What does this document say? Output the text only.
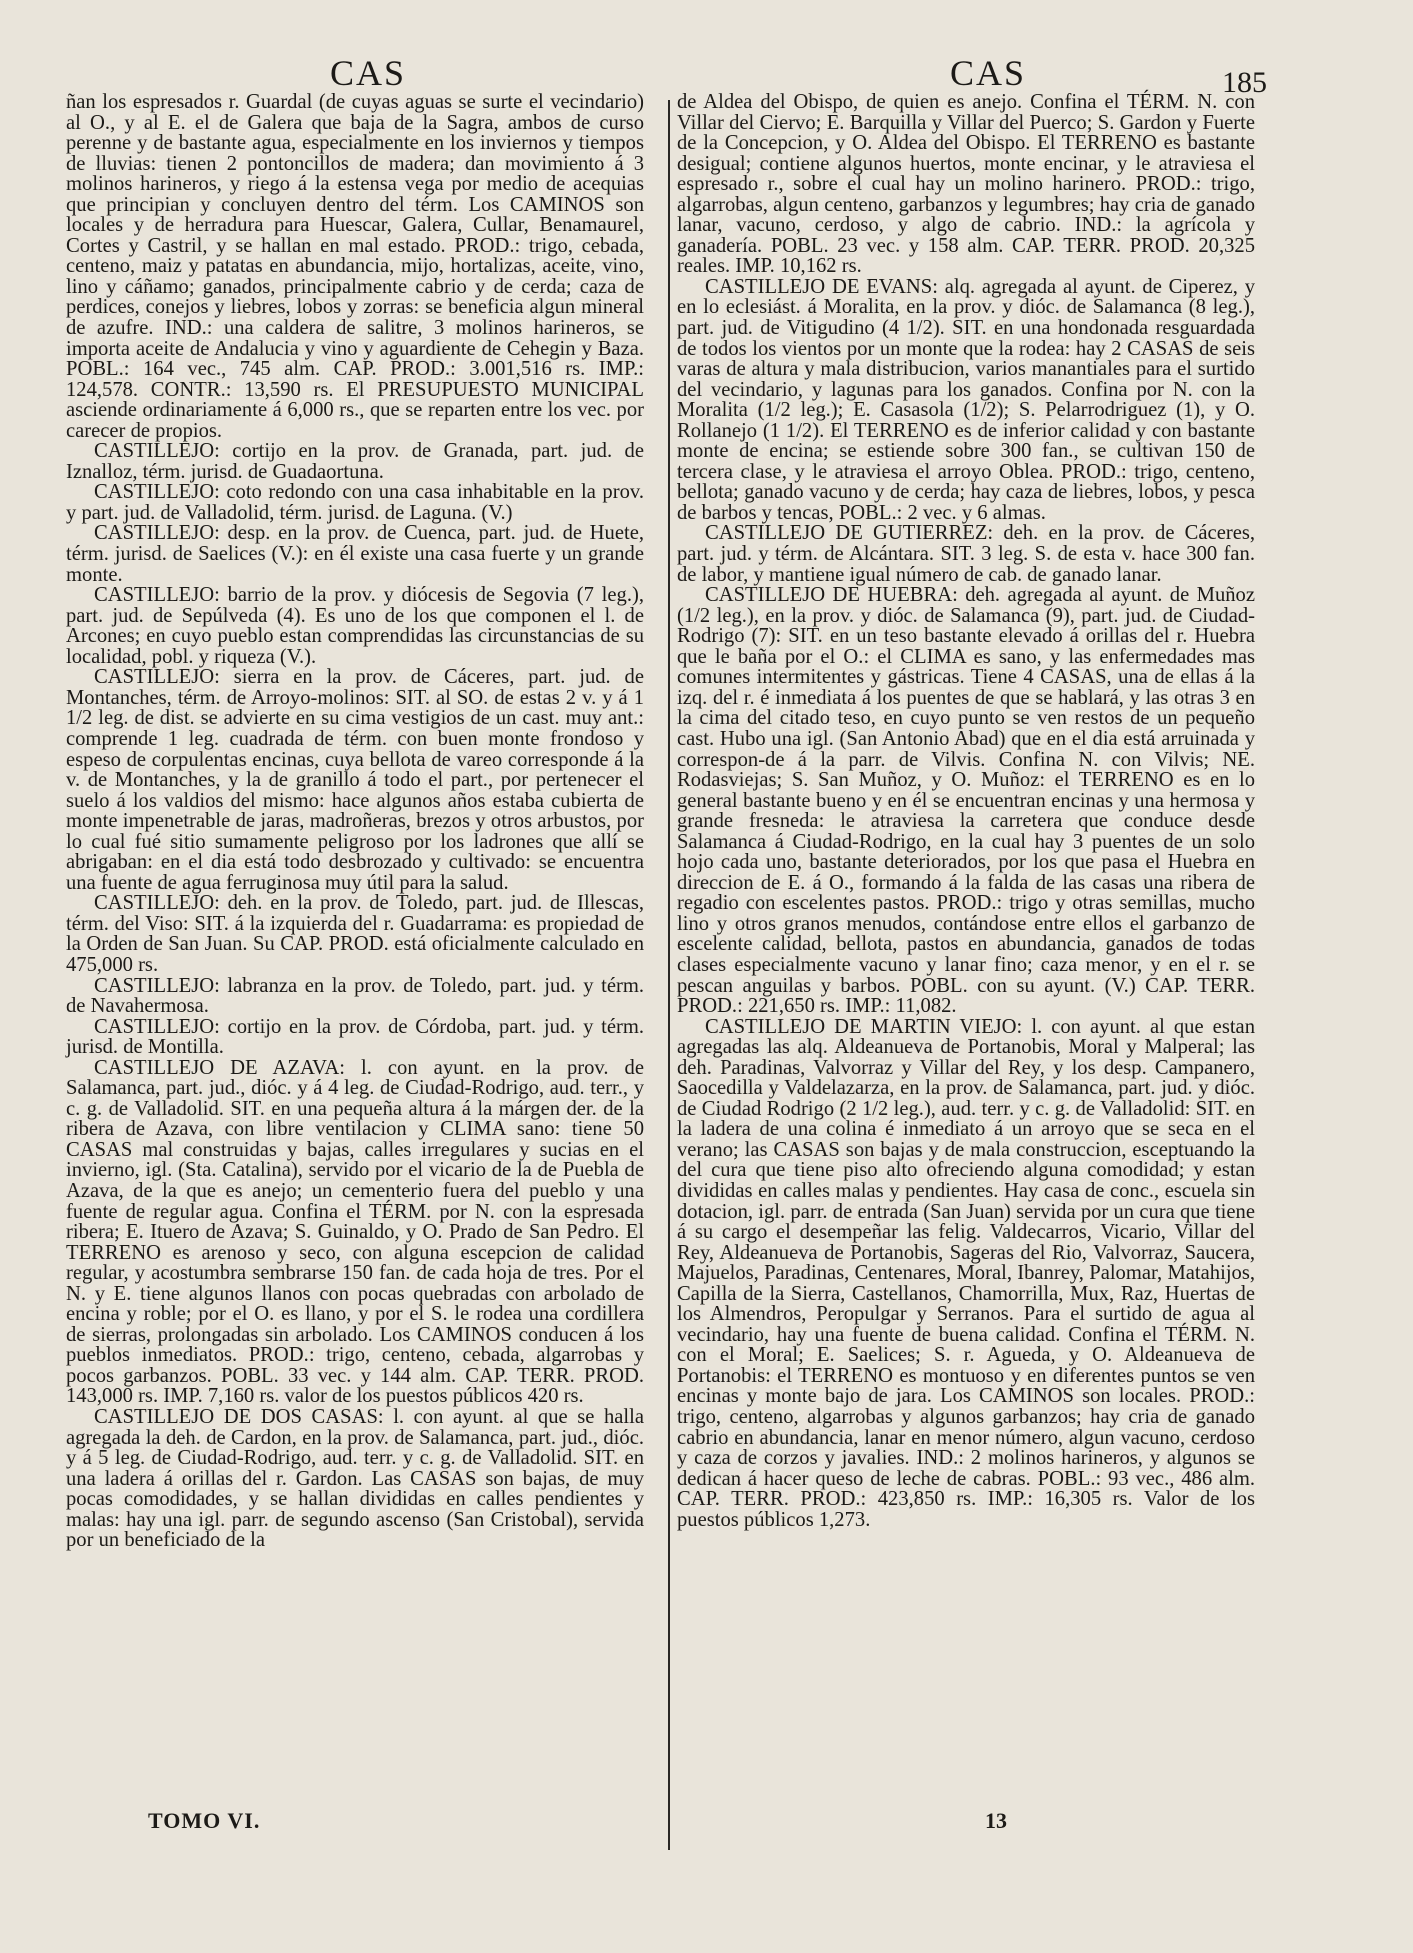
CAS	CAS	185

ñan los espresados r. Guardal (de cuyas aguas se surte el vecindario) al O., y al E. el de Galera que baja de la Sagra, ambos de curso perenne y de bastante agua, especialmente en los inviernos y tiempos de lluvias: tienen 2 pontoncillos de madera; dan movimiento á 3 molinos harineros, y riego á la estensa vega por medio de acequias que principian y concluyen dentro del térm. Los CAMINOS son locales y de herradura para Huescar, Galera, Cullar, Benamaurel, Cortes y Castril, y se hallan en mal estado. PROD.: trigo, cebada, centeno, maiz y patatas en abundancia, mijo, hortalizas, aceite, vino, lino y cáñamo; ganados, principalmente cabrio y de cerda; caza de perdices, conejos y liebres, lobos y zorras: se beneficia algun mineral de azufre. IND.: una caldera de salitre, 3 molinos harineros, se importa aceite de Andalucia y vino y aguardiente de Cehegin y Baza. POBL.: 164 vec., 745 alm. CAP. PROD.: 3.001,516 rs. IMP.: 124,578. CONTR.: 13,590 rs. El PRESUPUESTO MUNICIPAL asciende ordinariamente á 6,000 rs., que se reparten entre los vec. por carecer de propios.

CASTILLEJO: cortijo en la prov. de Granada, part. jud. de Iznalloz, térm. jurisd. de Guadaortuna.

CASTILLEJO: coto redondo con una casa inhabitable en la prov. y part. jud. de Valladolid, térm. jurisd. de Laguna. (V.)

CASTILLEJO: desp. en la prov. de Cuenca, part. jud. de Huete, térm. jurisd. de Saelices (V.): en él existe una casa fuerte y un grande monte.

CASTILLEJO: barrio de la prov. y diócesis de Segovia (7 leg.), part. jud. de Sepúlveda (4). Es uno de los que componen el l. de Arcones; en cuyo pueblo estan comprendidas las circunstancias de su localidad, pobl. y riqueza (V.).

CASTILLEJO: sierra en la prov. de Cáceres, part. jud. de Montanches, térm. de Arroyo-molinos: SIT. al SO. de estas 2 v. y á 1 1/2 leg. de dist. se advierte en su cima vestigios de un cast. muy ant.: comprende 1 leg. cuadrada de térm. con buen monte frondoso y espeso de corpulentas encinas, cuya bellota de vareo corresponde á la v. de Montanches, y la de granillo á todo el part., por pertenecer el suelo á los valdios del mismo: hace algunos años estaba cubierta de monte impenetrable de jaras, madroñeras, brezos y otros arbustos, por lo cual fué sitio sumamente peligroso por los ladrones que allí se abrigaban: en el dia está todo desbrozado y cultivado: se encuentra una fuente de agua ferruginosa muy útil para la salud.

CASTILLEJO: deh. en la prov. de Toledo, part. jud. de Illescas, térm. del Viso: SIT. á la izquierda del r. Guadarrama: es propiedad de la Orden de San Juan. Su CAP. PROD. está oficialmente calculado en 475,000 rs.

CASTILLEJO: labranza en la prov. de Toledo, part. jud. y térm. de Navahermosa.

CASTILLEJO: cortijo en la prov. de Córdoba, part. jud. y térm. jurisd. de Montilla.

CASTILLEJO DE AZAVA: l. con ayunt. en la prov. de Salamanca, part. jud., dióc. y á 4 leg. de Ciudad-Rodrigo, aud. terr., y c. g. de Valladolid. SIT. en una pequeña altura á la márgen der. de la ribera de Azava, con libre ventilacion y CLIMA sano: tiene 50 CASAS mal construidas y bajas, calles irregulares y sucias en el invierno, igl. (Sta. Catalina), servido por el vicario de la de Puebla de Azava, de la que es anejo; un cementerio fuera del pueblo y una fuente de regular agua. Confina el TÉRM. por N. con la espresada ribera; E. Ituero de Azava; S. Guinaldo, y O. Prado de San Pedro. El TERRENO es arenoso y seco, con alguna escepcion de calidad regular, y acostumbra sembrarse 150 fan. de cada hoja de tres. Por el N. y E. tiene algunos llanos con pocas quebradas con arbolado de encina y roble; por el O. es llano, y por el S. le rodea una cordillera de sierras, prolongadas sin arbolado. Los CAMINOS conducen á los pueblos inmediatos. PROD.: trigo, centeno, cebada, algarrobas y pocos garbanzos. POBL. 33 vec. y 144 alm. CAP. TERR. PROD. 143,000 rs. IMP. 7,160 rs. valor de los puestos públicos 420 rs.

CASTILLEJO DE DOS CASAS: l. con ayunt. al que se halla agregada la deh. de Cardon, en la prov. de Salamanca, part. jud., dióc. y á 5 leg. de Ciudad-Rodrigo, aud. terr. y c. g. de Valladolid. SIT. en una ladera á orillas del r. Gardon. Las CASAS son bajas, de muy pocas comodidades, y se hallan divididas en calles pendientes y malas: hay una igl. parr. de segundo ascenso (San Cristobal), servida por un beneficiado de la

de Aldea del Obispo, de quien es anejo. Confina el TÉRM. N. con Villar del Ciervo; E. Barquilla y Villar del Puerco; S. Gardon y Fuerte de la Concepcion, y O. Aldea del Obispo. El TERRENO es bastante desigual; contiene algunos huertos, monte encinar, y le atraviesa el espresado r., sobre el cual hay un molino harinero. PROD.: trigo, algarrobas, algun centeno, garbanzos y legumbres; hay cria de ganado lanar, vacuno, cerdoso, y algo de cabrio. IND.: la agrícola y ganadería. POBL. 23 vec. y 158 alm. CAP. TERR. PROD. 20,325 reales. IMP. 10,162 rs.

CASTILLEJO DE EVANS: alq. agregada al ayunt. de Ciperez, y en lo eclesiást. á Moralita, en la prov. y dióc. de Salamanca (8 leg.), part. jud. de Vitigudino (4 1/2). SIT. en una hondonada resguardada de todos los vientos por un monte que la rodea: hay 2 CASAS de seis varas de altura y mala distribucion, varios manantiales para el surtido del vecindario, y lagunas para los ganados. Confina por N. con la Moralita (1/2 leg.); E. Casasola (1/2); S. Pelarrodriguez (1), y O. Rollanejo (1 1/2). El TERRENO es de inferior calidad y con bastante monte de encina; se estiende sobre 300 fan., se cultivan 150 de tercera clase, y le atraviesa el arroyo Oblea. PROD.: trigo, centeno, bellota; ganado vacuno y de cerda; hay caza de liebres, lobos, y pesca de barbos y tencas, POBL.: 2 vec. y 6 almas.

CASTILLEJO DE GUTIERREZ: deh. en la prov. de Cáceres, part. jud. y térm. de Alcántara. SIT. 3 leg. S. de esta v. hace 300 fan. de labor, y mantiene igual número de cab. de ganado lanar.

CASTILLEJO DE HUEBRA: deh. agregada al ayunt. de Muñoz (1/2 leg.), en la prov. y dióc. de Salamanca (9), part. jud. de Ciudad-Rodrigo (7): SIT. en un teso bastante elevado á orillas del r. Huebra que le baña por el O.: el CLIMA es sano, y las enfermedades mas comunes intermitentes y gástricas. Tiene 4 CASAS, una de ellas á la izq. del r. é inmediata á los puentes de que se hablará, y las otras 3 en la cima del citado teso, en cuyo punto se ven restos de un pequeño cast. Hubo una igl. (San Antonio Abad) que en el dia está arruinada y correspon-de á la parr. de Vilvis. Confina N. con Vilvis; NE. Rodasviejas; S. San Muñoz, y O. Muñoz: el TERRENO es en lo general bastante bueno y en él se encuentran encinas y una hermosa y grande fresneda: le atraviesa la carretera que conduce desde Salamanca á Ciudad-Rodrigo, en la cual hay 3 puentes de un solo hojo cada uno, bastante deteriorados, por los que pasa el Huebra en direccion de E. á O., formando á la falda de las casas una ribera de regadio con escelentes pastos. PROD.: trigo y otras semillas, mucho lino y otros granos menudos, contándose entre ellos el garbanzo de escelente calidad, bellota, pastos en abundancia, ganados de todas clases especialmente vacuno y lanar fino; caza menor, y en el r. se pescan anguilas y barbos. POBL. con su ayunt. (V.) CAP. TERR. PROD.: 221,650 rs. IMP.: 11,082.

CASTILLEJO DE MARTIN VIEJO: l. con ayunt. al que estan agregadas las alq. Aldeanueva de Portanobis, Moral y Malperal; las deh. Paradinas, Valvorraz y Villar del Rey, y los desp. Campanero, Saocedilla y Valdelazarza, en la prov. de Salamanca, part. jud. y dióc. de Ciudad Rodrigo (2 1/2 leg.), aud. terr. y c. g. de Valladolid: SIT. en la ladera de una colina é inmediato á un arroyo que se seca en el verano; las CASAS son bajas y de mala construccion, esceptuando la del cura que tiene piso alto ofreciendo alguna comodidad; y estan divididas en calles malas y pendientes. Hay casa de conc., escuela sin dotacion, igl. parr. de entrada (San Juan) servida por un cura que tiene á su cargo el desempeñar las felig. Valdecarros, Vicario, Villar del Rey, Aldeanueva de Portanobis, Sageras del Rio, Valvorraz, Saucera, Majuelos, Paradinas, Centenares, Moral, Ibanrey, Palomar, Matahijos, Capilla de la Sierra, Castellanos, Chamorrilla, Mux, Raz, Huertas de los Almendros, Peropulgar y Serranos. Para el surtido de agua al vecindario, hay una fuente de buena calidad. Confina el TÉRM. N. con el Moral; E. Saelices; S. r. Agueda, y O. Aldeanueva de Portanobis: el TERRENO es montuoso y en diferentes puntos se ven encinas y monte bajo de jara. Los CAMINOS son locales. PROD.: trigo, centeno, algarrobas y algunos garbanzos; hay cria de ganado cabrio en abundancia, lanar en menor número, algun vacuno, cerdoso y caza de corzos y javalies. IND.: 2 molinos harineros, y algunos se dedican á hacer queso de leche de cabras. POBL.: 93 vec., 486 alm. CAP. TERR. PROD.: 423,850 rs. IMP.: 16,305 rs. Valor de los puestos públicos 1,273.

TOMO VI.	13
